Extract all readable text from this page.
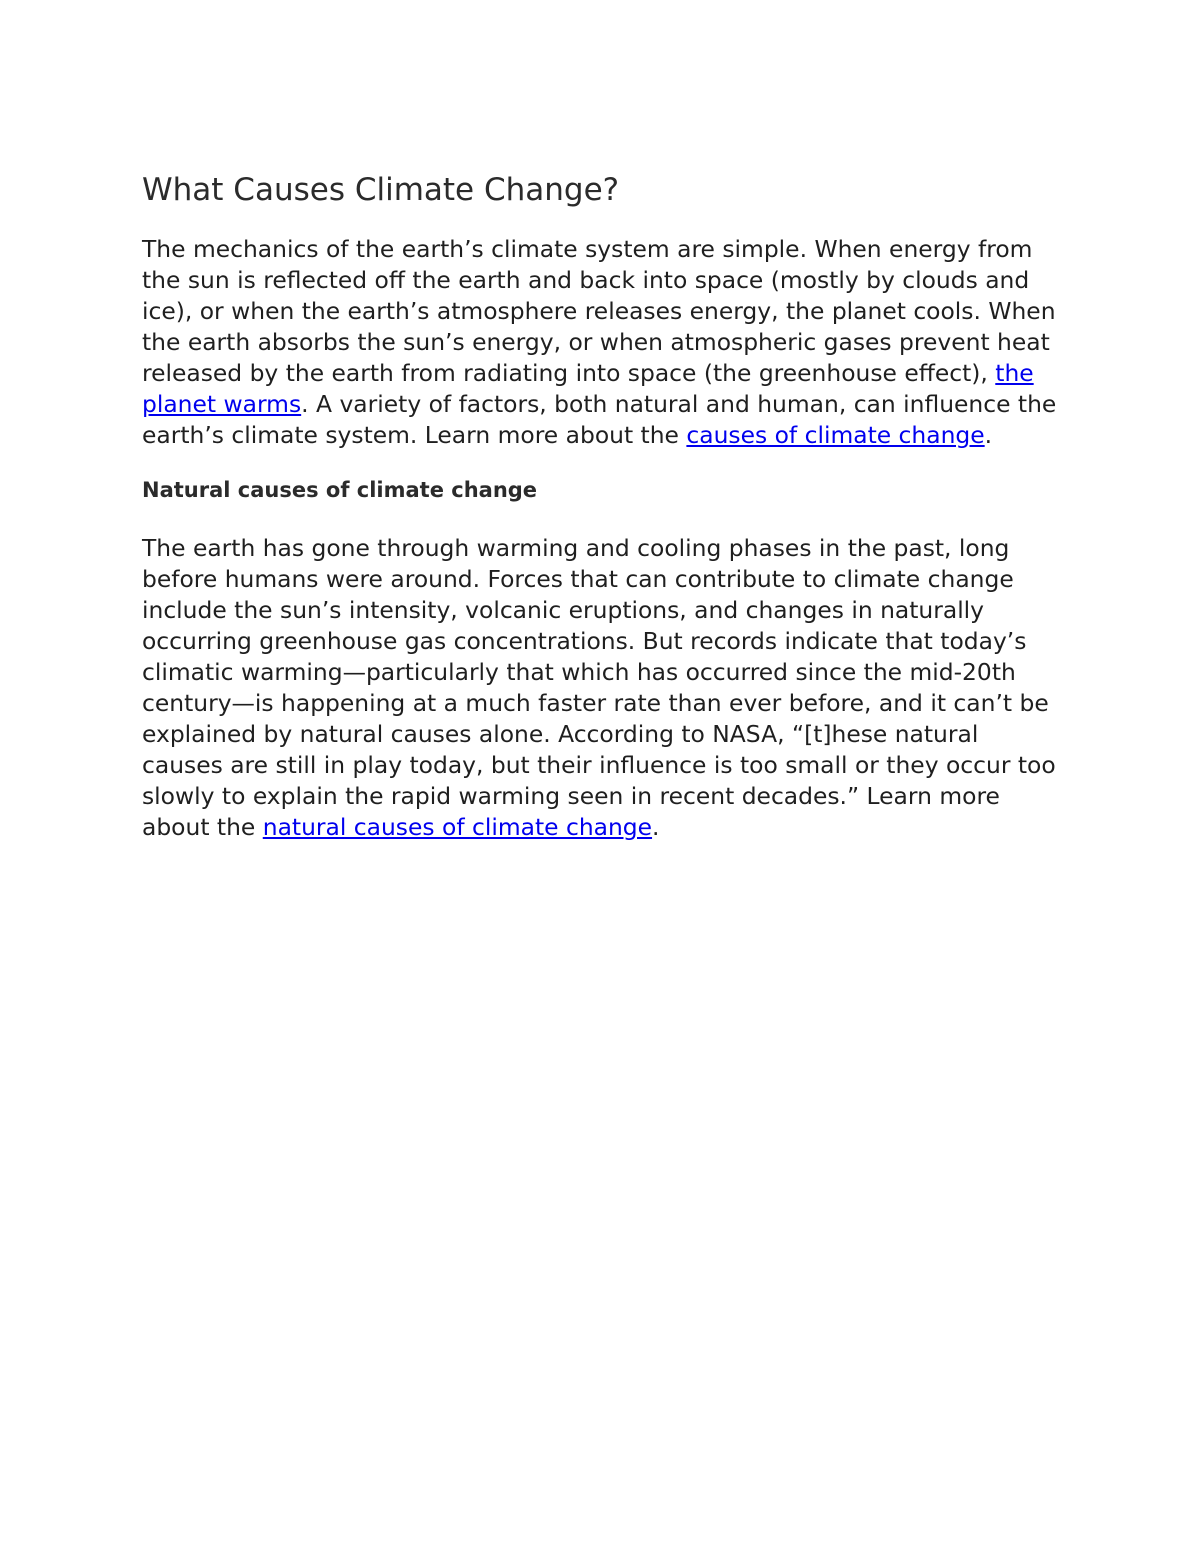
What Causes Climate Change?

The mechanics of the earth’s climate system are simple. When energy from the sun is reflected off the earth and back into space (mostly by clouds and ice), or when the earth’s atmosphere releases energy, the planet cools. When the earth absorbs the sun’s energy, or when atmospheric gases prevent heat released by the earth from radiating into space (the greenhouse effect), the planet warms. A variety of factors, both natural and human, can influence the earth’s climate system. Learn more about the causes of climate change.

Natural causes of climate change

The earth has gone through warming and cooling phases in the past, long before humans were around. Forces that can contribute to climate change include the sun’s intensity, volcanic eruptions, and changes in naturally occurring greenhouse gas concentrations. But records indicate that today’s climatic warming—particularly that which has occurred since the mid-20th century—is happening at a much faster rate than ever before, and it can’t be explained by natural causes alone. According to NASA, “[t]hese natural causes are still in play today, but their influence is too small or they occur too slowly to explain the rapid warming seen in recent decades.” Learn more about the natural causes of climate change.
